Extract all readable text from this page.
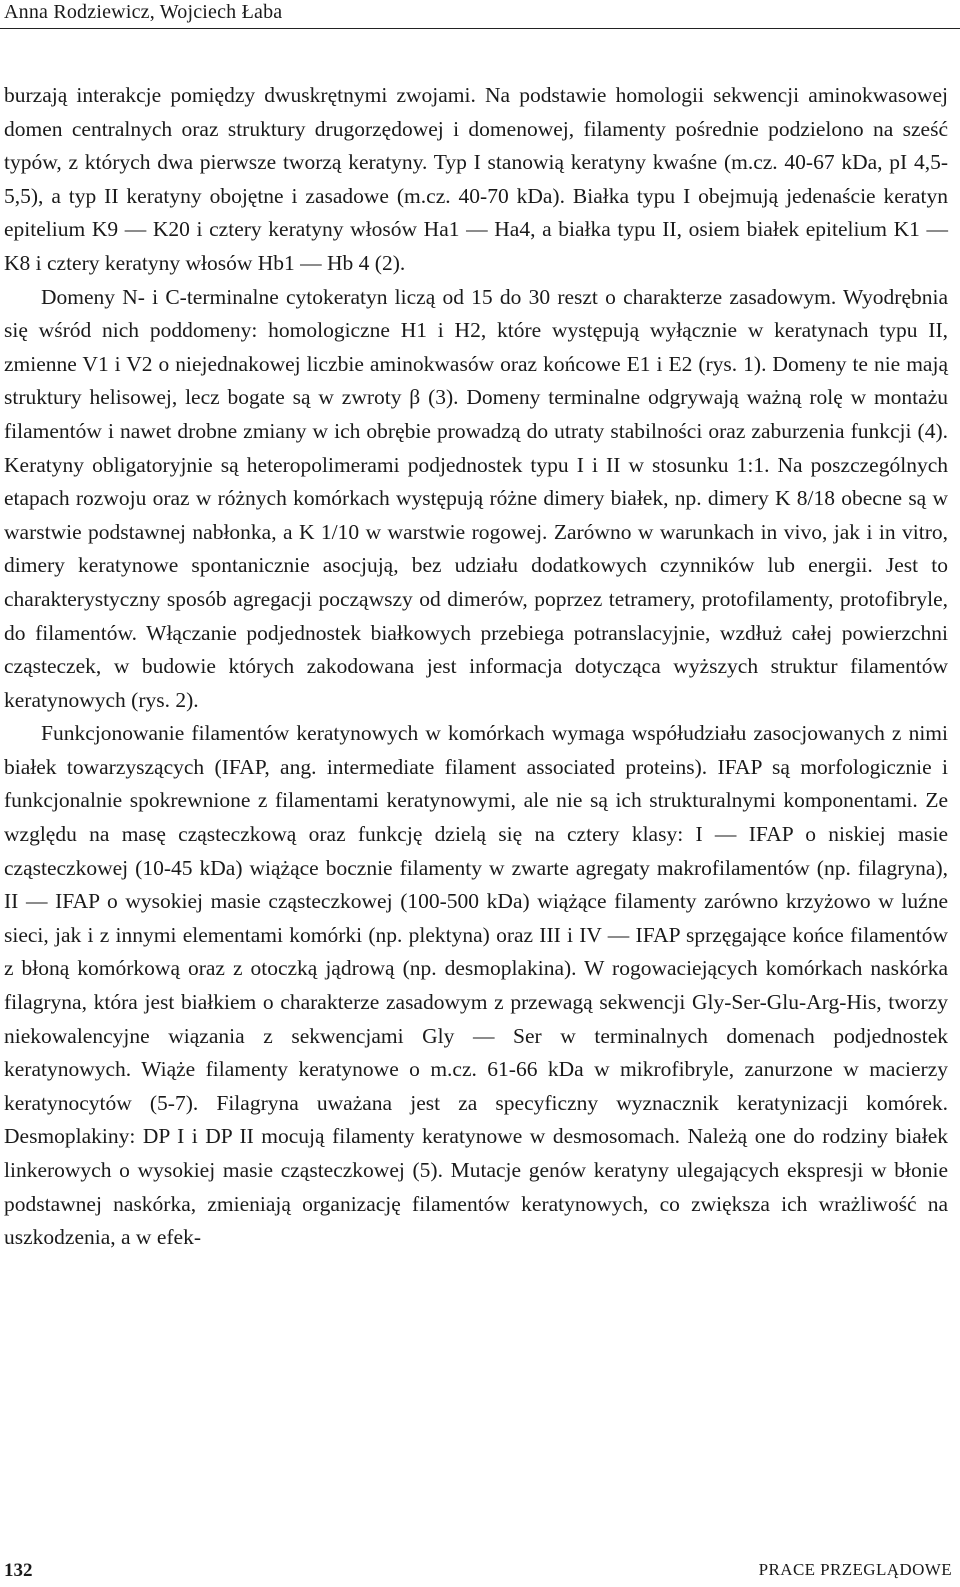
Anna Rodziewicz, Wojciech Łaba

burzają interakcje pomiędzy dwuskrętnymi zwojami. Na podstawie homologii sekwencji aminokwasowej domen centralnych oraz struktury drugorzędowej i domenowej, filamenty pośrednie podzielono na sześć typów, z których dwa pierwsze tworzą keratyny. Typ I stanowią keratyny kwaśne (m.cz. 40-67 kDa, pI 4,5-5,5), a typ II keratyny obojętne i zasadowe (m.cz. 40-70 kDa). Białka typu I obejmują jedenaście keratyn epitelium K9 — K20 i cztery keratyny włosów Ha1 — Ha4, a białka typu II, osiem białek epitelium K1 — K8 i cztery keratyny włosów Hb1 — Hb 4 (2).

Domeny N- i C-terminalne cytokeratyn liczą od 15 do 30 reszt o charakterze zasadowym. Wyodrębnia się wśród nich poddomeny: homologiczne H1 i H2, które występują wyłącznie w keratynach typu II, zmienne V1 i V2 o niejednakowej liczbie aminokwasów oraz końcowe E1 i E2 (rys. 1). Domeny te nie mają struktury helisowej, lecz bogate są w zwroty β (3). Domeny terminalne odgrywają ważną rolę w montażu filamentów i nawet drobne zmiany w ich obrębie prowadzą do utraty stabilności oraz zaburzenia funkcji (4). Keratyny obligatoryjnie są heteropolimerami podjednostek typu I i II w stosunku 1:1. Na poszczególnych etapach rozwoju oraz w różnych komórkach występują różne dimery białek, np. dimery K 8/18 obecne są w warstwie podstawnej nabłonka, a K 1/10 w warstwie rogowej. Zarówno w warunkach in vivo, jak i in vitro, dimery keratynowe spontanicznie asocjują, bez udziału dodatkowych czynników lub energii. Jest to charakterystyczny sposób agregacji począwszy od dimerów, poprzez tetramery, protofilamenty, protofibryle, do filamentów. Włączanie podjednostek białkowych przebiega potranslacyjnie, wzdłuż całej powierzchni cząsteczek, w budowie których zakodowana jest informacja dotycząca wyższych struktur filamentów keratynowych (rys. 2).

Funkcjonowanie filamentów keratynowych w komórkach wymaga współudziału zasocjowanych z nimi białek towarzyszących (IFAP, ang. intermediate filament associated proteins). IFAP są morfologicznie i funkcjonalnie spokrewnione z filamentami keratynowymi, ale nie są ich strukturalnymi komponentami. Ze względu na masę cząsteczkową oraz funkcję dzielą się na cztery klasy: I — IFAP o niskiej masie cząsteczkowej (10-45 kDa) wiążące bocznie filamenty w zwarte agregaty makrofilamentów (np. filagryna), II — IFAP o wysokiej masie cząsteczkowej (100-500 kDa) wiążące filamenty zarówno krzyżowo w luźne sieci, jak i z innymi elementami komórki (np. plektyna) oraz III i IV — IFAP sprzęgające końce filamentów z błoną komórkową oraz z otoczką jądrową (np. desmoplakina). W rogowaciejących komórkach naskórka filagryna, która jest białkiem o charakterze zasadowym z przewagą sekwencji Gly-Ser-Glu-Arg-His, tworzy niekowalencyjne wiązania z sekwencjami Gly — Ser w terminalnych domenach podjednostek keratynowych. Wiąże filamenty keratynowe o m.cz. 61-66 kDa w mikrofibryle, zanurzone w macierzy keratynocytów (5-7). Filagryna uważana jest za specyficzny wyznacznik keratynizacji komórek. Desmoplakiny: DP I i DP II mocują filamenty keratynowe w desmosomach. Należą one do rodziny białek linkerowych o wysokiej masie cząsteczkowej (5). Mutacje genów keratyny ulegających ekspresji w błonie podstawnej naskórka, zmieniają organizację filamentów keratynowych, co zwiększa ich wrażliwość na uszkodzenia, a w efek-

132	PRACE PRZEGLĄDOWE
